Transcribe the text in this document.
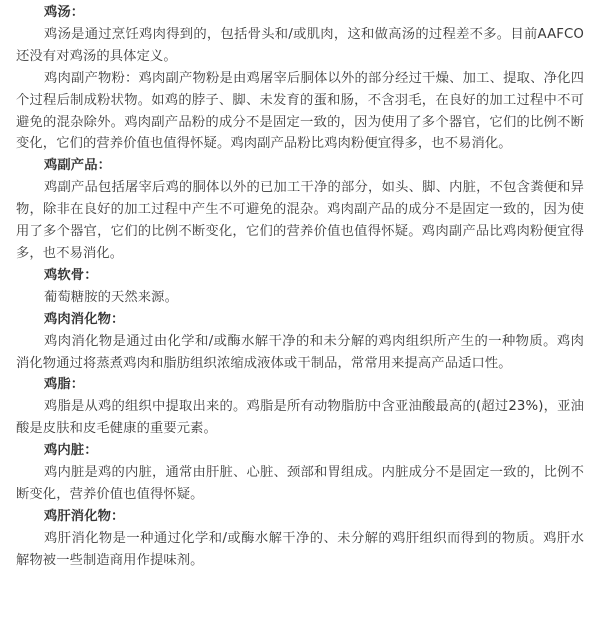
鸡汤：

鸡汤是通过烹饪鸡肉得到的，包括骨头和/或肌肉，这和做高汤的过程差不多。目前AAFCO还没有对鸡汤的具体定义。

鸡肉副产物粉：鸡肉副产物粉是由鸡屠宰后胴体以外的部分经过干燥、加工、提取、净化四个过程后制成粉状物。如鸡的脖子、脚、未发育的蛋和肠，不含羽毛，在良好的加工过程中不可避免的混杂除外。鸡肉副产品粉的成分不是固定一致的，因为使用了多个器官，它们的比例不断变化，它们的营养价值也值得怀疑。鸡肉副产品粉比鸡肉粉便宜得多，也不易消化。

鸡副产品：

鸡副产品包括屠宰后鸡的胴体以外的已加工干净的部分，如头、脚、内脏，不包含粪便和异物，除非在良好的加工过程中产生不可避免的混杂。鸡肉副产品的成分不是固定一致的，因为使用了多个器官，它们的比例不断变化，它们的营养价值也值得怀疑。鸡肉副产品比鸡肉粉便宜得多，也不易消化。

鸡软骨：

葡萄糖胺的天然来源。

鸡肉消化物：

鸡肉消化物是通过由化学和/或酶水解干净的和未分解的鸡肉组织所产生的一种物质。鸡肉消化物通过将蒸煮鸡肉和脂肪组织浓缩成液体或干制品，常常用来提高产品适口性。

鸡脂：

鸡脂是从鸡的组织中提取出来的。鸡脂是所有动物脂肪中含亚油酸最高的(超过23%)，亚油酸是皮肤和皮毛健康的重要元素。

鸡内脏：

鸡内脏是鸡的内脏，通常由肝脏、心脏、颈部和胃组成。内脏成分不是固定一致的，比例不断变化，营养价值也值得怀疑。

鸡肝消化物：

鸡肝消化物是一种通过化学和/或酶水解干净的、未分解的鸡肝组织而得到的物质。鸡肝水解物被一些制造商用作提味剂。
